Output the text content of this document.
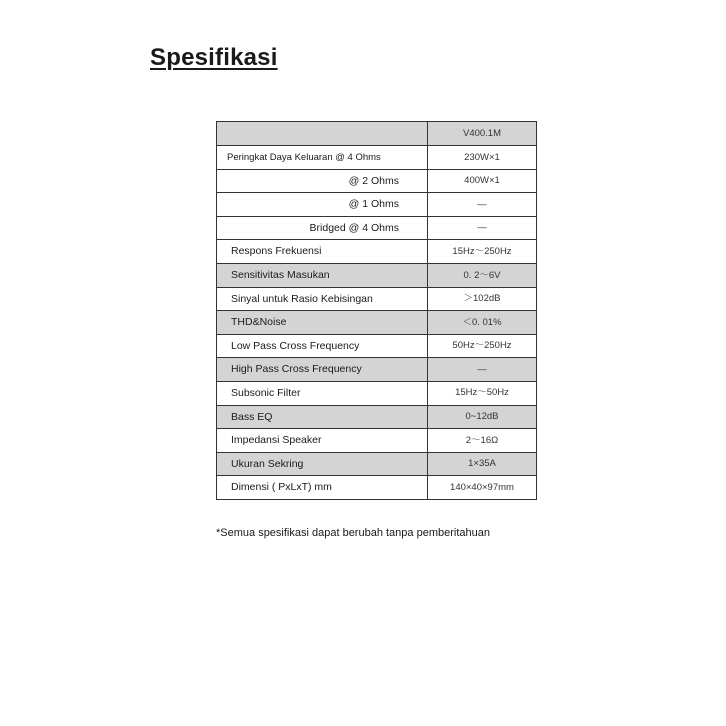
Spesifikasi
	V400.1M
Peringkat Daya Keluaran @ 4 Ohms	230W×1
@ 2 Ohms	400W×1
@ 1 Ohms	—
Bridged @ 4 Ohms	—
Respons Frekuensi	15Hz～250Hz
Sensitivitas Masukan	0. 2～6V
Sinyal untuk Rasio Kebisingan	＞102dB
THD&Noise	＜0. 01%
Low Pass Cross Frequency	50Hz～250Hz
High Pass Cross Frequency	—
Subsonic Filter	15Hz～50Hz
Bass EQ	0~12dB
Impedansi Speaker	2～16Ω
Ukuran Sekring	1×35A
Dimensi ( PxLxT) mm	140×40×97mm
*Semua spesifikasi dapat berubah tanpa pemberitahuan
